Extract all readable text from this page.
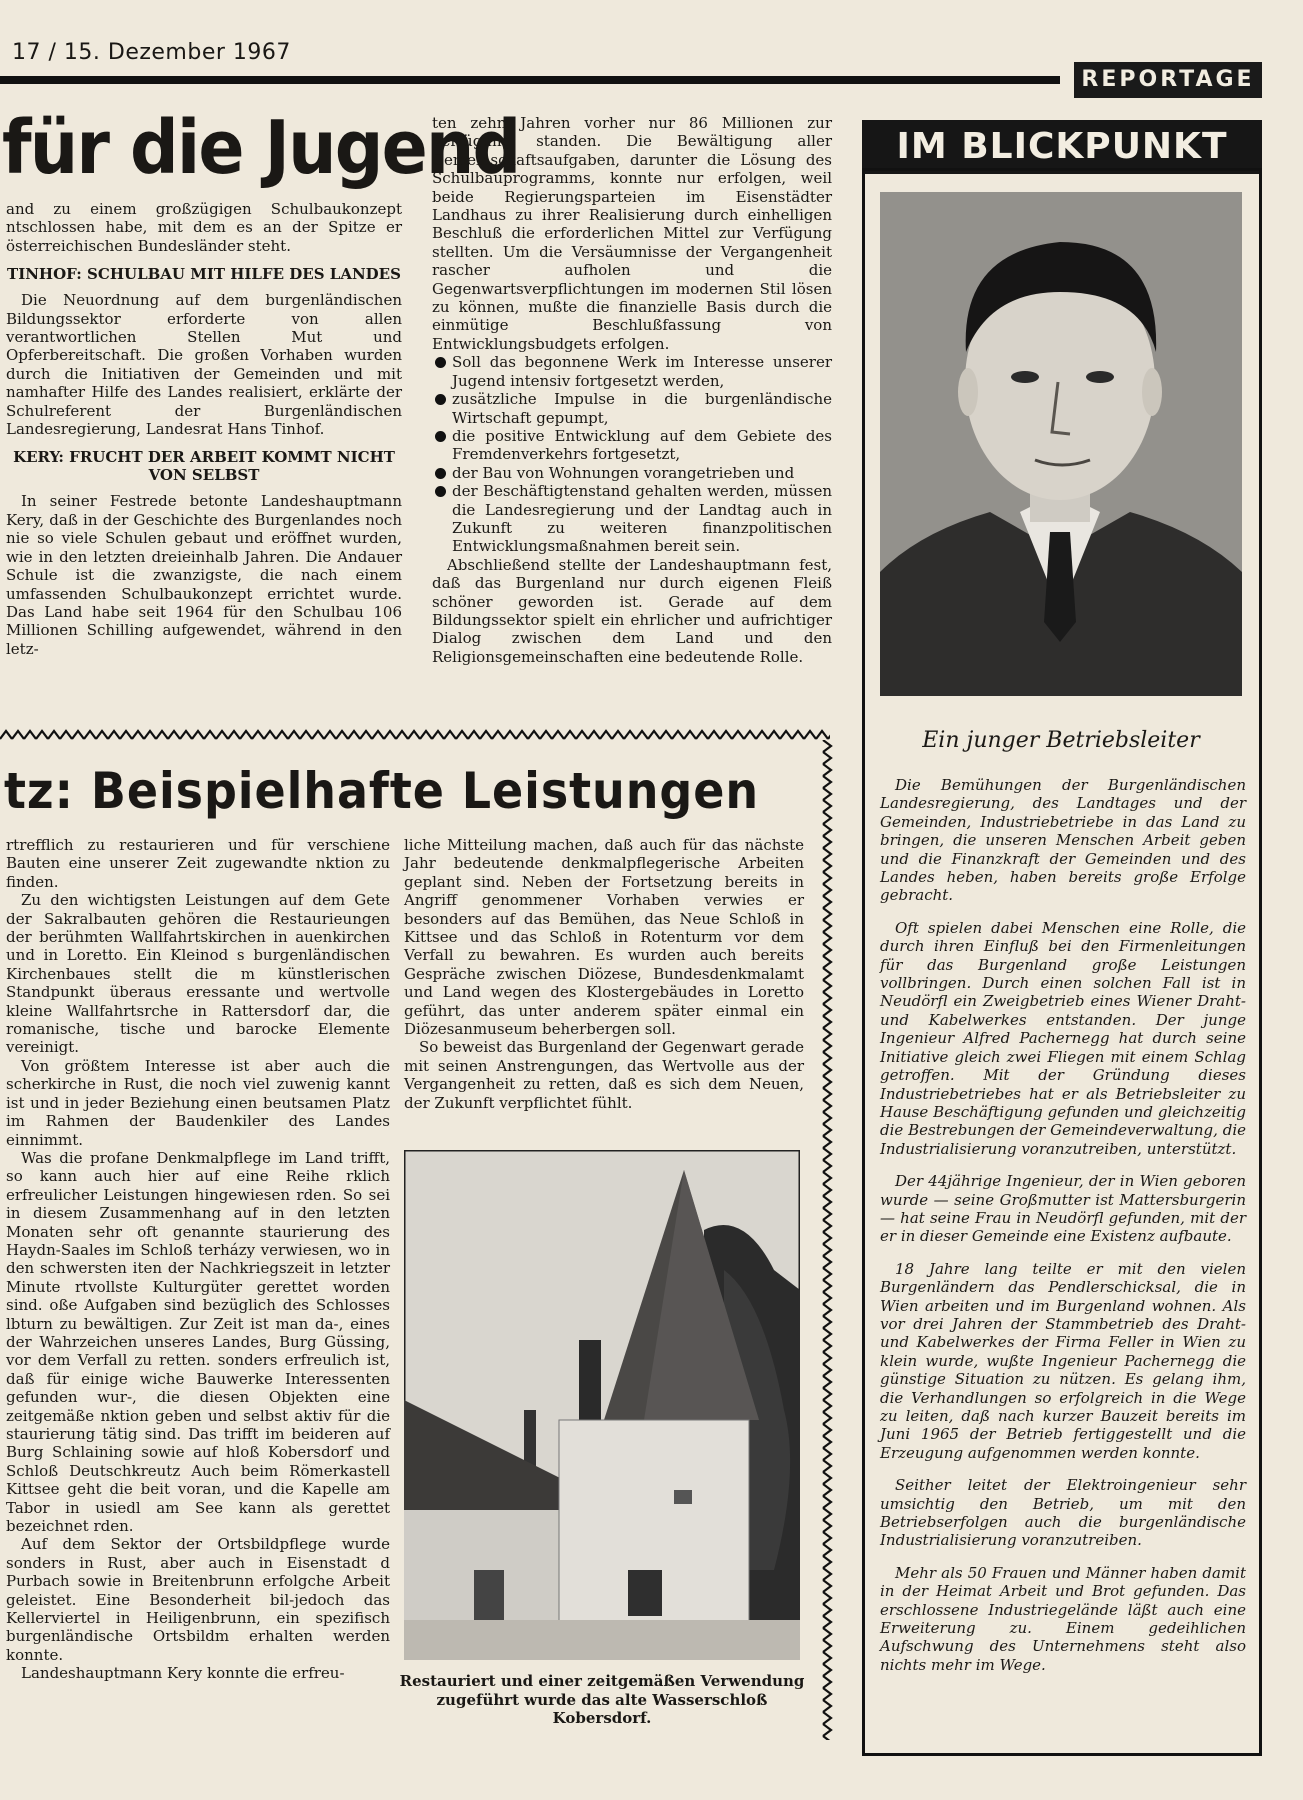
17 / 15. Dezember 1967
REPORTAGE
für die Jugend

and zu einem großzügigen Schulbaukonzept ntschlossen habe, mit dem es an der Spitze er österreichischen Bundesländer steht.

TINHOF: SCHULBAU MIT HILFE DES LANDES

Die Neuordnung auf dem burgenländischen Bildungssektor erforderte von allen verantwortlichen Stellen Mut und Opferbereitschaft. Die großen Vorhaben wurden durch die Initiativen der Gemeinden und mit namhafter Hilfe des Landes realisiert, erklärte der Schulreferent der Burgenländischen Landesregierung, Landesrat Hans Tinhof.

KERY: FRUCHT DER ARBEIT KOMMT NICHT VON SELBST

In seiner Festrede betonte Landeshauptmann Kery, daß in der Geschichte des Burgenlandes noch nie so viele Schulen gebaut und eröffnet wurden, wie in den letzten dreieinhalb Jahren. Die Andauer Schule ist die zwanzigste, die nach einem umfassenden Schulbaukonzept errichtet wurde. Das Land habe seit 1964 für den Schulbau 106 Millionen Schilling aufgewendet, während in den letz-

ten zehn Jahren vorher nur 86 Millionen zur Verfügung standen. Die Bewältigung aller Gemeinschaftsaufgaben, darunter die Lösung des Schulbauprogramms, konnte nur erfolgen, weil beide Regierungsparteien im Eisenstädter Landhaus zu ihrer Realisierung durch einhelligen Beschluß die erforderlichen Mittel zur Verfügung stellten. Um die Versäumnisse der Vergangenheit rascher aufholen und die Gegenwartsverpflichtungen im modernen Stil lösen zu können, mußte die finanzielle Basis durch die einmütige Beschlußfassung von Entwicklungsbudgets erfolgen.

Soll das begonnene Werk im Interesse unserer Jugend intensiv fortgesetzt werden,

zusätzliche Impulse in die burgenländische Wirtschaft gepumpt,

die positive Entwicklung auf dem Gebiete des Fremdenverkehrs fortgesetzt,

der Bau von Wohnungen vorangetrieben und

der Beschäftigtenstand gehalten werden, müssen die Landesregierung und der Landtag auch in Zukunft zu weiteren finanzpolitischen Entwicklungsmaßnahmen bereit sein.

Abschließend stellte der Landeshauptmann fest, daß das Burgenland nur durch eigenen Fleiß schöner geworden ist. Gerade auf dem Bildungssektor spielt ein ehrlicher und aufrichtiger Dialog zwischen dem Land und den Religionsgemeinschaften eine bedeutende Rolle.

tz: Beispielhafte Leistungen

rtrefflich zu restaurieren und für verschiene Bauten eine unserer Zeit zugewandte nktion zu finden.

Zu den wichtigsten Leistungen auf dem Gete der Sakralbauten gehören die Restaurieungen der berühmten Wallfahrtskirchen in auenkirchen und in Loretto. Ein Kleinod s burgenländischen Kirchenbaues stellt die m künstlerischen Standpunkt überaus eressante und wertvolle kleine Wallfahrtsrche in Rattersdorf dar, die romanische, tische und barocke Elemente vereinigt.

Von größtem Interesse ist aber auch die scherkirche in Rust, die noch viel zuwenig kannt ist und in jeder Beziehung einen beutsamen Platz im Rahmen der Baudenkiler des Landes einnimmt.

Was die profane Denkmalpflege im Land trifft, so kann auch hier auf eine Reihe rklich erfreulicher Leistungen hingewiesen rden. So sei in diesem Zusammenhang auf in den letzten Monaten sehr oft genannte staurierung des Haydn-Saales im Schloß terházy verwiesen, wo in den schwersten iten der Nachkriegszeit in letzter Minute rtvollste Kulturgüter gerettet worden sind. oße Aufgaben sind bezüglich des Schlosses lbturn zu bewältigen. Zur Zeit ist man da-, eines der Wahrzeichen unseres Landes, Burg Güssing, vor dem Verfall zu retten. sonders erfreulich ist, daß für einige wiche Bauwerke Interessenten gefunden wur-, die diesen Objekten eine zeitgemäße nktion geben und selbst aktiv für die staurierung tätig sind. Das trifft im beideren auf Burg Schlaining sowie auf hloß Kobersdorf und Schloß Deutschkreutz Auch beim Römerkastell Kittsee geht die beit voran, und die Kapelle am Tabor in usiedl am See kann als gerettet bezeichnet rden.

Auf dem Sektor der Ortsbildpflege wurde sonders in Rust, aber auch in Eisenstadt d Purbach sowie in Breitenbrunn erfolgche Arbeit geleistet. Eine Besonderheit bil-jedoch das Kellerviertel in Heiligenbrunn, ein spezifisch burgenländische Ortsbildm erhalten werden konnte.

Landeshauptmann Kery konnte die erfreu-

liche Mitteilung machen, daß auch für das nächste Jahr bedeutende denkmalpflegerische Arbeiten geplant sind. Neben der Fortsetzung bereits in Angriff genommener Vorhaben verwies er besonders auf das Bemühen, das Neue Schloß in Kittsee und das Schloß in Rotenturm vor dem Verfall zu bewahren. Es wurden auch bereits Gespräche zwischen Diözese, Bundesdenkmalamt und Land wegen des Klostergebäudes in Loretto geführt, das unter anderem später einmal ein Diözesanmuseum beherbergen soll.

So beweist das Burgenland der Gegenwart gerade mit seinen Anstrengungen, das Wertvolle aus der Vergangenheit zu retten, daß es sich dem Neuen, der Zukunft verpflichtet fühlt.

Restauriert und einer zeitgemäßen Verwendung zugeführt wurde das alte Wasserschloß Kobersdorf.
IM BLICKPUNKT
Ein junger Betriebsleiter

Die Bemühungen der Burgenländischen Landesregierung, des Landtages und der Gemeinden, Industriebetriebe in das Land zu bringen, die unseren Menschen Arbeit geben und die Finanzkraft der Gemeinden und des Landes heben, haben bereits große Erfolge gebracht.

Oft spielen dabei Menschen eine Rolle, die durch ihren Einfluß bei den Firmenleitungen für das Burgenland große Leistungen vollbringen. Durch einen solchen Fall ist in Neudörfl ein Zweigbetrieb eines Wiener Draht- und Kabelwerkes entstanden. Der junge Ingenieur Alfred Pachernegg hat durch seine Initiative gleich zwei Fliegen mit einem Schlag getroffen. Mit der Gründung dieses Industriebetriebes hat er als Betriebsleiter zu Hause Beschäftigung gefunden und gleichzeitig die Bestrebungen der Gemeindeverwaltung, die Industrialisierung voranzutreiben, unterstützt.

Der 44jährige Ingenieur, der in Wien geboren wurde — seine Großmutter ist Mattersburgerin — hat seine Frau in Neudörfl gefunden, mit der er in dieser Gemeinde eine Existenz aufbaute.

18 Jahre lang teilte er mit den vielen Burgenländern das Pendlerschicksal, die in Wien arbeiten und im Burgenland wohnen. Als vor drei Jahren der Stammbetrieb des Draht- und Kabelwerkes der Firma Feller in Wien zu klein wurde, wußte Ingenieur Pachernegg die günstige Situation zu nützen. Es gelang ihm, die Verhandlungen so erfolgreich in die Wege zu leiten, daß nach kurzer Bauzeit bereits im Juni 1965 der Betrieb fertiggestellt und die Erzeugung aufgenommen werden konnte.

Seither leitet der Elektroingenieur sehr umsichtig den Betrieb, um mit den Betriebserfolgen auch die burgenländische Industrialisierung voranzutreiben.

Mehr als 50 Frauen und Männer haben damit in der Heimat Arbeit und Brot gefunden. Das erschlossene Industriegelände läßt auch eine Erweiterung zu. Einem gedeihlichen Aufschwung des Unternehmens steht also nichts mehr im Wege.
